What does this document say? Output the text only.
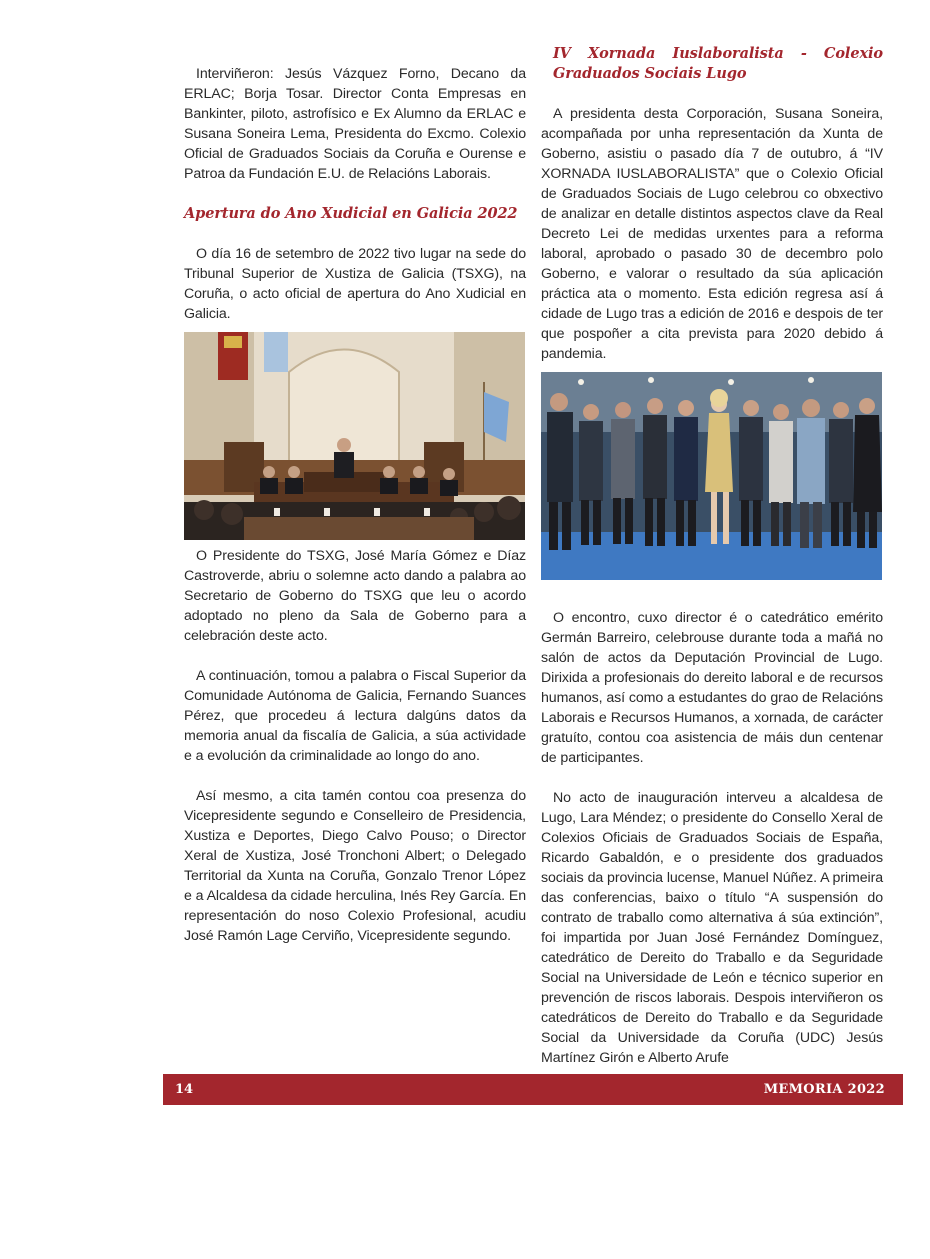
Interviñeron: Jesús Vázquez Forno, Decano da ERLAC; Borja Tosar. Director Conta Empresas en Bankinter, piloto, astrofísico e Ex Alumno da ERLAC e Susana Soneira Lema, Presidenta do Excmo. Colexio Oficial de Graduados Sociais da Coruña e Ourense e Patroa da Fundación E.U. de Relacións Laborais.

Apertura do Ano Xudicial en Galicia 2022

O día 16 de setembro de 2022 tivo lugar na sede do Tribunal Superior de Xustiza de Galicia (TSXG), na Coruña, o acto oficial de apertura do Ano Xudicial en Galicia.

O Presidente do TSXG, José María Gómez e Díaz Castroverde, abriu o solemne acto dando a palabra ao Secretario de Goberno do TSXG que leu o acordo adoptado no pleno da Sala de Goberno para a celebración deste acto.

A continuación, tomou a palabra o Fiscal Superior da Comunidade Autónoma de Galicia, Fernando Suances Pérez, que procedeu á lectura dalgúns datos da memoria anual da fiscalía de Galicia, a súa actividade e a evolución da criminalidade ao longo do ano.

Así mesmo, a cita tamén contou coa presenza do Vicepresidente segundo e Conselleiro de Presidencia, Xustiza e Deportes, Diego Calvo Pouso; o Director Xeral de Xustiza, José Tronchoni Albert; o Delegado Territorial da Xunta na Coruña, Gonzalo Trenor López e a Alcaldesa da cidade herculina, Inés Rey García. En representación do noso Colexio Profesional, acudiu José Ramón Lage Cerviño, Vicepresidente segundo.

IV Xornada Iuslaboralista - Colexio Graduados Sociais Lugo

A presidenta desta Corporación, Susana Soneira, acompañada por unha representación da Xunta de Goberno, asistiu o pasado día 7 de outubro, á “IV XORNADA IUSLABORALISTA” que o Colexio Oficial de Graduados Sociais de Lugo celebrou co obxectivo de analizar en detalle distintos aspectos clave da Real Decreto Lei de medidas urxentes para a reforma laboral, aprobado o pasado 30 de decembro polo Goberno, e valorar o resultado da súa aplicación práctica ata o momento. Esta edición regresa así á cidade de Lugo tras a edición de 2016 e despois de ter que pospoñer a cita prevista para 2020 debido á pandemia.

O encontro, cuxo director é o catedrático emérito Germán Barreiro, celebrouse durante toda a mañá no salón de actos da Deputación Provincial de Lugo. Dirixida a profesionais do dereito laboral e de recursos humanos, así como a estudantes do grao de Relacións Laborais e Recursos Humanos, a xornada, de carácter gratuíto, contou coa asistencia de máis dun centenar de participantes.

No acto de inauguración interveu a alcaldesa de Lugo, Lara Méndez; o presidente do Consello Xeral de Colexios Oficiais de Graduados Sociais de España, Ricardo Gabaldón, e o presidente dos graduados sociais da provincia lucense, Manuel Núñez. A primeira das conferencias, baixo o título “A suspensión do contrato de traballo como alternativa á súa extinción”, foi impartida por Juan José Fernández Domínguez, catedrático de Dereito do Traballo e da Seguridade Social na Universidade de León e técnico superior en prevención de riscos laborais. Despois interviñeron os catedráticos de Dereito do Traballo e da Seguridade Social da Universidade da Coruña (UDC) Jesús Martínez Girón e Alberto Arufe

14	MEMORIA 2022
